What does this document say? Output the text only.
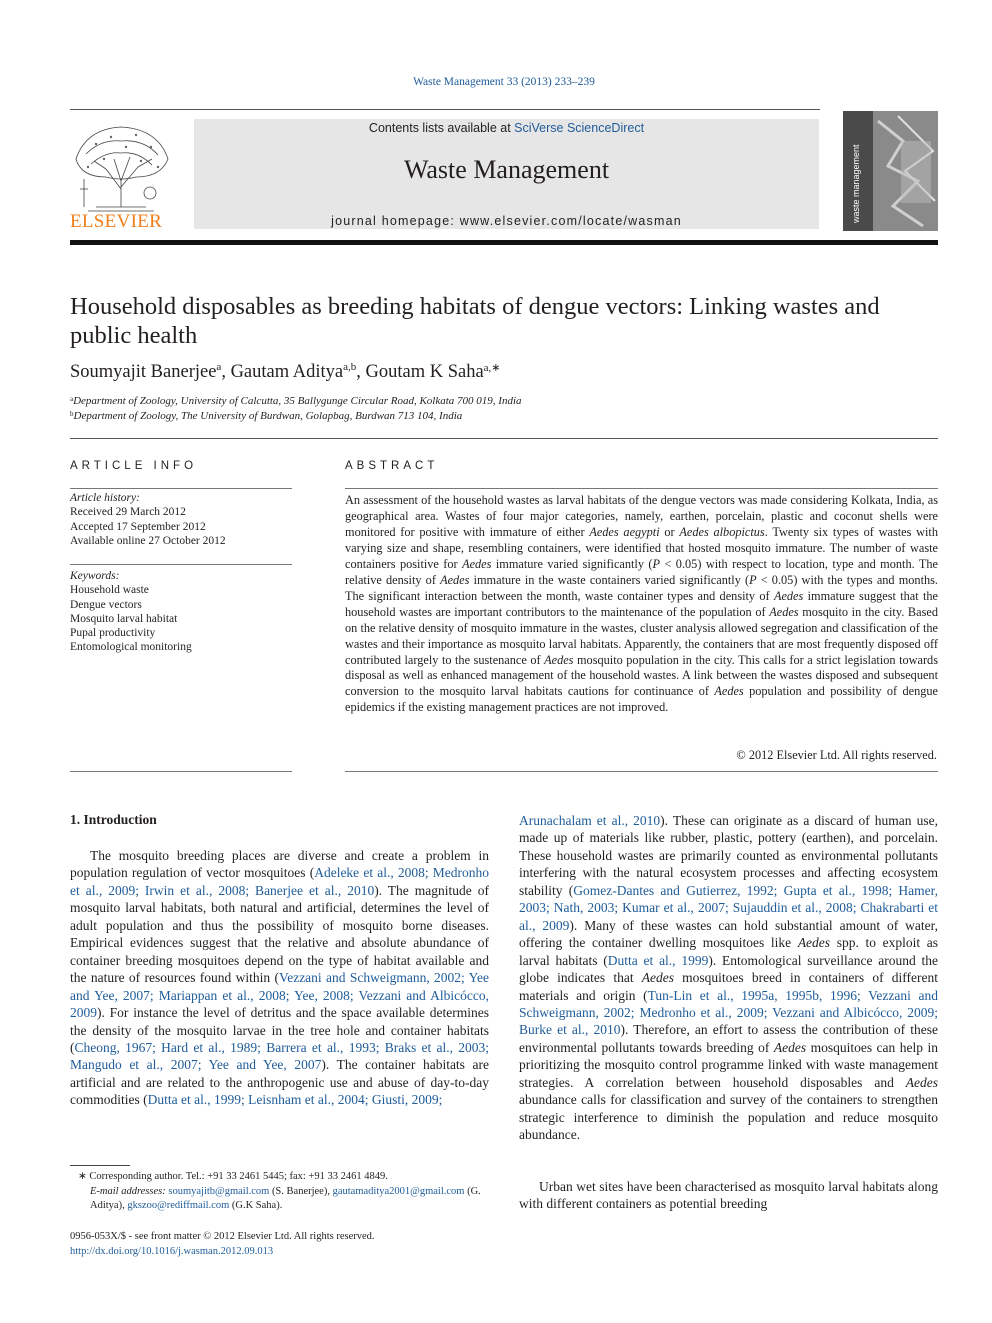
Waste Management 33 (2013) 233–239
ELSEVIER
Contents lists available at SciVerse ScienceDirect
Waste Management
journal homepage: www.elsevier.com/locate/wasman	waste management
Household disposables as breeding habitats of dengue vectors: Linking wastes and public health
Soumyajit Banerjee$^a$, Gautam Aditya$^{a,b}$, Goutam K Saha$^{a,∗}$
$^a$Department of Zoology, University of Calcutta, 35 Ballygunge Circular Road, Kolkata 700 019, India
$^b$Department of Zoology, The University of Burdwan, Golapbag, Burdwan 713 104, India
ARTICLE INFO
Article history:
Received 29 March 2012
Accepted 17 September 2012
Available online 27 October 2012
Keywords:
Household waste
Dengue vectors
Mosquito larval habitat
Pupal productivity
Entomological monitoring
ABSTRACT
An assessment of the household wastes as larval habitats of the dengue vectors was made considering Kolkata, India, as geographical area. Wastes of four major categories, namely, earthen, porcelain, plastic and coconut shells were monitored for positive with immature of either Aedes aegypti or Aedes albopictus. Twenty six types of wastes with varying size and shape, resembling containers, were identified that hosted mosquito immature. The number of waste containers positive for Aedes immature varied significantly (P < 0.05) with respect to location, type and month. The relative density of Aedes immature in the waste containers varied significantly (P < 0.05) with the types and months. The significant interaction between the month, waste container types and density of Aedes immature suggest that the household wastes are important contributors to the maintenance of the population of Aedes mosquito in the city. Based on the relative density of mosquito immature in the wastes, cluster analysis allowed segregation and classification of the wastes and their importance as mosquito larval habitats. Apparently, the containers that are most frequently disposed off contributed largely to the sustenance of Aedes mosquito population in the city. This calls for a strict legislation towards disposal as well as enhanced management of the household wastes. A link between the wastes disposed and subsequent conversion to the mosquito larval habitats cautions for continuance of Aedes population and possibility of dengue epidemics if the existing management practices are not improved.
© 2012 Elsevier Ltd. All rights reserved.
1. Introduction
The mosquito breeding places are diverse and create a problem in population regulation of vector mosquitoes (Adeleke et al., 2008; Medronho et al., 2009; Irwin et al., 2008; Banerjee et al., 2010). The magnitude of mosquito larval habitats, both natural and artificial, determines the level of adult population and thus the possibility of mosquito borne diseases. Empirical evidences suggest that the relative and absolute abundance of container breeding mosquitoes depend on the type of habitat available and the nature of resources found within (Vezzani and Schweigmann, 2002; Yee and Yee, 2007; Mariappan et al., 2008; Yee, 2008; Vezzani and Albicócco, 2009). For instance the level of detritus and the space available determines the density of the mosquito larvae in the tree hole and container habitats (Cheong, 1967; Hard et al., 1989; Barrera et al., 1993; Braks et al., 2003; Mangudo et al., 2007; Yee and Yee, 2007). The container habitats are artificial and are related to the anthropogenic use and abuse of day-to-day commodities (Dutta et al., 1999; Leisnham et al., 2004; Giusti, 2009;
Arunachalam et al., 2010). These can originate as a discard of human use, made up of materials like rubber, plastic, pottery (earthen), and porcelain. These household wastes are primarily counted as environmental pollutants interfering with the natural ecosystem processes and affecting ecosystem stability (Gomez-Dantes and Gutierrez, 1992; Gupta et al., 1998; Hamer, 2003; Nath, 2003; Kumar et al., 2007; Sujauddin et al., 2008; Chakrabarti et al., 2009). Many of these wastes can hold substantial amount of water, offering the container dwelling mosquitoes like Aedes spp. to exploit as larval habitats (Dutta et al., 1999). Entomological surveillance around the globe indicates that Aedes mosquitoes breed in containers of different materials and origin (Tun-Lin et al., 1995a, 1995b, 1996; Vezzani and Schweigmann, 2002; Medronho et al., 2009; Vezzani and Albicócco, 2009; Burke et al., 2010). Therefore, an effort to assess the contribution of these environmental pollutants towards breeding of Aedes mosquitoes can help in prioritizing the mosquito control programme linked with waste management strategies. A correlation between household disposables and Aedes abundance calls for classification and survey of the containers to strengthen strategic interference to diminish the population and reduce mosquito abundance.
Urban wet sites have been characterised as mosquito larval habitats along with different containers as potential breeding
∗ Corresponding author. Tel.: +91 33 2461 5445; fax: +91 33 2461 4849.
E-mail addresses: soumyajitb@gmail.com (S. Banerjee), gautamaditya2001@gmail.com (G. Aditya), gkszoo@rediffmail.com (G.K Saha).
0956-053X/$ - see front matter © 2012 Elsevier Ltd. All rights reserved.
http://dx.doi.org/10.1016/j.wasman.2012.09.013
